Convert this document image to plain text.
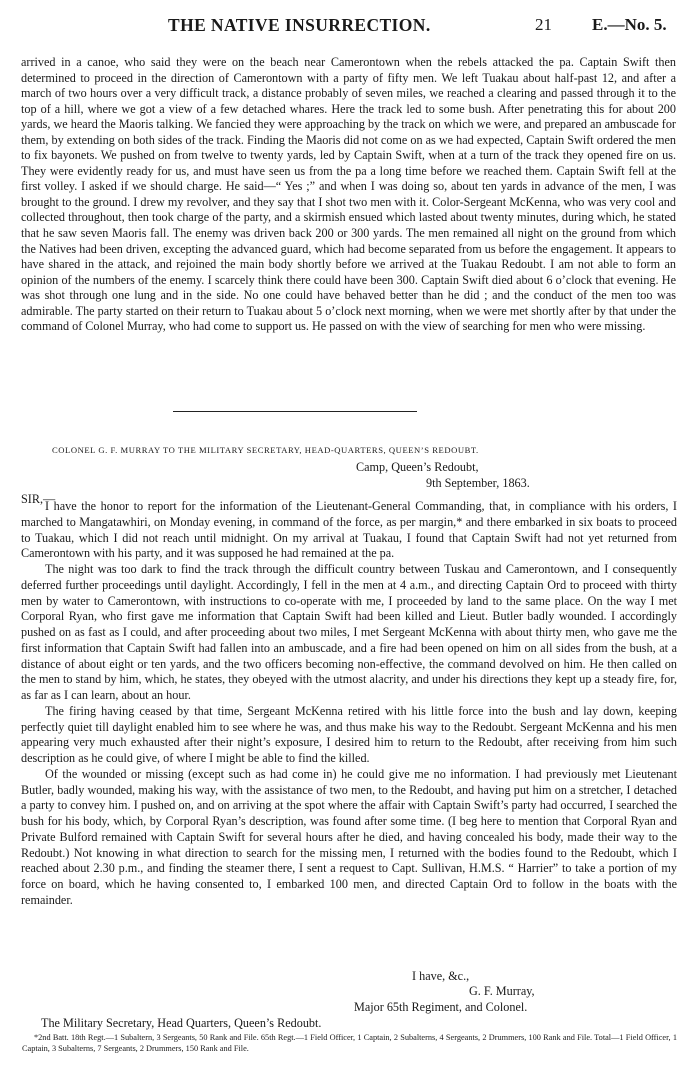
THE NATIVE INSURRECTION.	21 E.—No. 5.

arrived in a canoe, who said they were on the beach near Camerontown when the rebels attacked the pa. Captain Swift then determined to proceed in the direction of Camerontown with a party of fifty men. We left Tuakau about half-past 12, and after a march of two hours over a very difficult track, a distance probably of seven miles, we reached a clearing and passed through it to the top of a hill, where we got a view of a few detached whares. Here the track led to some bush. After penetrating this for about 200 yards, we heard the Maoris talking. We fancied they were approaching by the track on which we were, and prepared an ambuscade for them, by extending on both sides of the track. Finding the Maoris did not come on as we had expected, Captain Swift ordered the men to fix bayonets. We pushed on from twelve to twenty yards, led by Captain Swift, when at a turn of the track they opened fire on us. They were evidently ready for us, and must have seen us from the pa a long time before we reached them. Captain Swift fell at the first volley. I asked if we should charge. He said—“ Yes ;” and when I was doing so, about ten yards in advance of the men, I was brought to the ground. I drew my revolver, and they say that I shot two men with it. Color-Sergeant McKenna, who was very cool and collected throughout, then took charge of the party, and a skirmish ensued which lasted about twenty minutes, during which, he stated that he saw seven Maoris fall. The enemy was driven back 200 or 300 yards. The men remained all night on the ground from which the Natives had been driven, excepting the advanced guard, which had become separated from us before the engagement. It appears to have shared in the attack, and rejoined the main body shortly before we arrived at the Tuakau Redoubt. I am not able to form an opinion of the numbers of the enemy. I scarcely think there could have been 300. Captain Swift died about 6 o’clock that evening. He was shot through one lung and in the side. No one could have behaved better than he did ; and the conduct of the men too was admirable. The party started on their return to Tuakau about 5 o’clock next morning, when we were met shortly after by that under the command of Colonel Murray, who had come to support us. He passed on with the view of searching for men who were missing.

COLONEL G. F. MURRAY TO THE MILITARY SECRETARY, HEAD-QUARTERS, QUEEN’S REDOUBT.
Camp, Queen’s Redoubt,
9th September, 1863.
SIR,—

I have the honor to report for the information of the Lieutenant-General Commanding, that, in compliance with his orders, I marched to Mangatawhiri, on Monday evening, in command of the force, as per margin,* and there embarked in six boats to proceed to Tuakau, which I did not reach until midnight. On my arrival at Tuakau, I found that Captain Swift had not yet returned from Camerontown with his party, and it was supposed he had remained at the pa.

The night was too dark to find the track through the difficult country between Tuskau and Camerontown, and I consequently deferred further proceedings until daylight. Accordingly, I fell in the men at 4 a.m., and directing Captain Ord to proceed with thirty men by water to Camerontown, with instructions to co-operate with me, I proceeded by land to the same place. On the way I met Corporal Ryan, who first gave me information that Captain Swift had been killed and Lieut. Butler badly wounded. I accordingly pushed on as fast as I could, and after proceeding about two miles, I met Sergeant McKenna with about thirty men, who gave me the first information that Captain Swift had fallen into an ambuscade, and a fire had been opened on him on all sides from the bush, at a distance of about eight or ten yards, and the two officers becoming non-effective, the command devolved on him. He then called on the men to stand by him, which, he states, they obeyed with the utmost alacrity, and under his directions they kept up a steady fire, for, as far as I can learn, about an hour.

The firing having ceased by that time, Sergeant McKenna retired with his little force into the bush and lay down, keeping perfectly quiet till daylight enabled him to see where he was, and thus make his way to the Redoubt. Sergeant McKenna and his men appearing very much exhausted after their night’s exposure, I desired him to return to the Redoubt, after receiving from him such description as he could give, of where I might be able to find the killed.

Of the wounded or missing (except such as had come in) he could give me no information. I had previously met Lieutenant Butler, badly wounded, making his way, with the assistance of two men, to the Redoubt, and having put him on a stretcher, I detached a party to convey him. I pushed on, and on arriving at the spot where the affair with Captain Swift’s party had occurred, I searched the bush for his body, which, by Corporal Ryan’s description, was found after some time. (I beg here to mention that Corporal Ryan and Private Bulford remained with Captain Swift for several hours after he died, and having concealed his body, made their way to the Redoubt.) Not knowing in what direction to search for the missing men, I returned with the bodies found to the Redoubt, which I reached about 2.30 p.m., and finding the steamer there, I sent a request to Capt. Sullivan, H.M.S. “ Harrier” to take a portion of my force on board, which he having consented to, I embarked 100 men, and directed Captain Ord to follow in the boats with the remainder.

I have, &c.,
G. F. Murray,
Major 65th Regiment, and Colonel.
The Military Secretary, Head Quarters, Queen’s Redoubt.
*2nd Batt. 18th Regt.—1 Subaltern, 3 Sergeants, 50 Rank and File. 65th Regt.—1 Field Officer, 1 Captain, 2 Subalterns, 4 Sergeants, 2 Drummers, 100 Rank and File. Total—1 Field Officer, 1 Captain, 3 Subalterns, 7 Sergeants, 2 Drummers, 150 Rank and File.
